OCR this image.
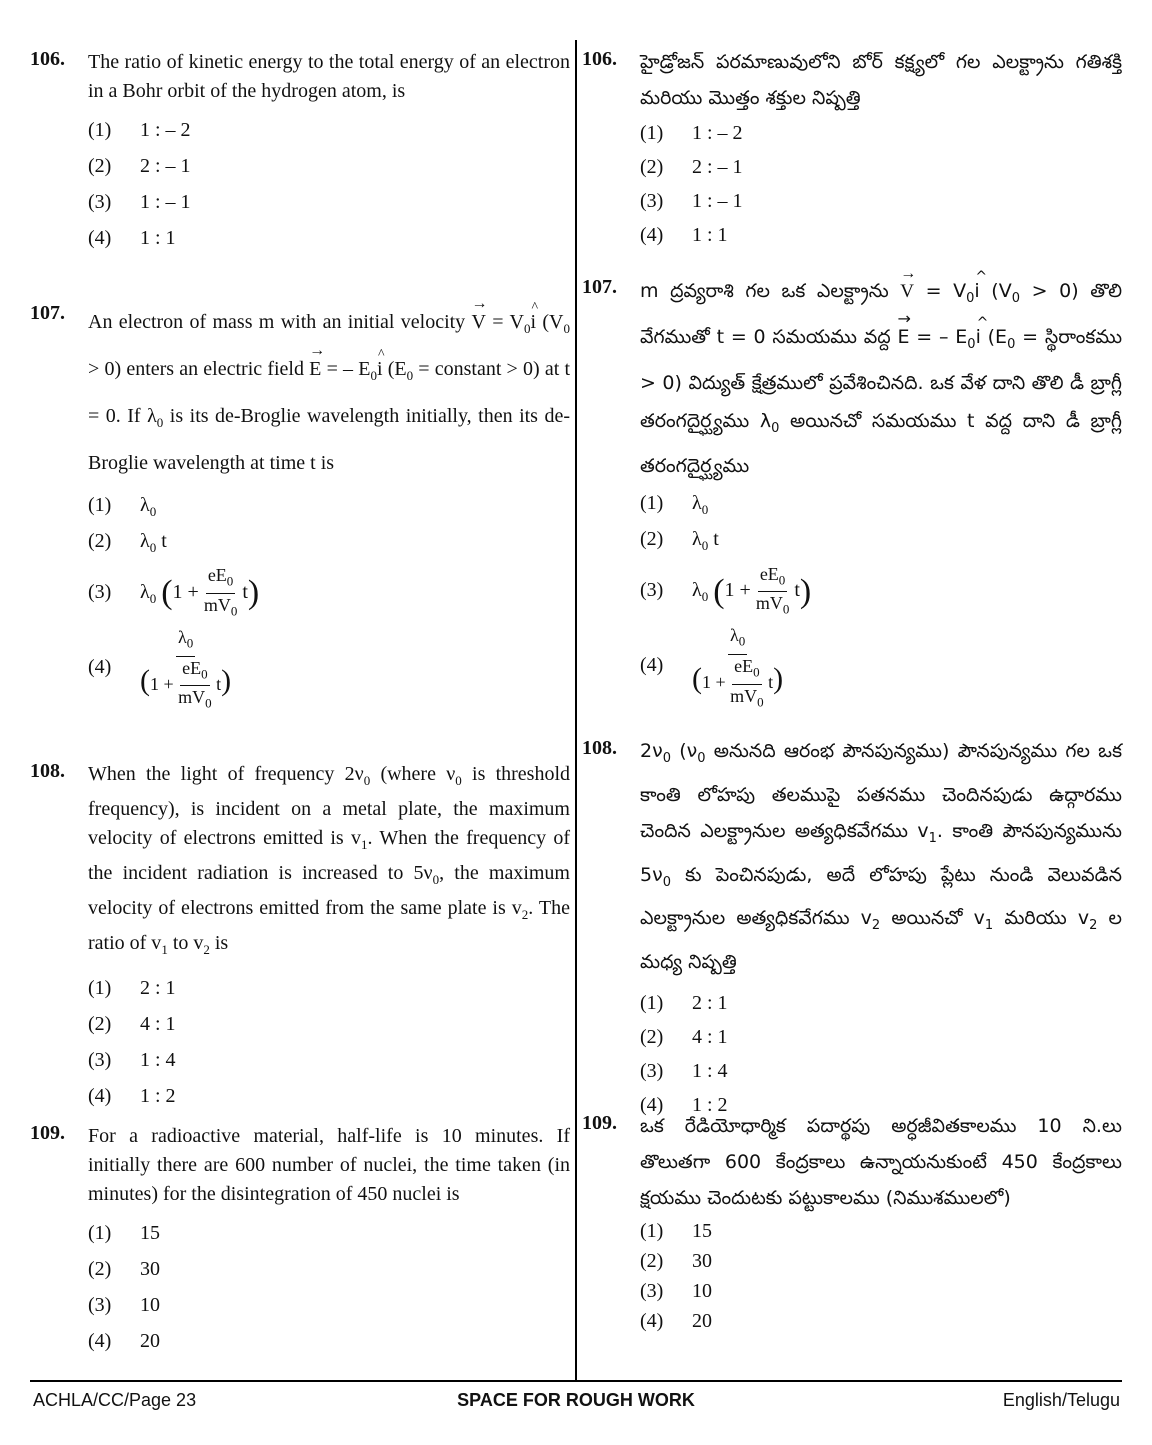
106. The ratio of kinetic energy to the total energy of an electron in a Bohr orbit of the hydrogen atom, is
(1) 1 : – 2
(2) 2 : – 1
(3) 1 : – 1
(4) 1 : 1
107. An electron of mass m with an initial velocity → $V = V_0\^{}$ i $(V_0 > 0)$ enters an electric field → E = – $E_0\^{}$ i ($E_0$ = constant > 0) at t = 0. If $\lambda_0$ is its de-Broglie wavelength initially, then its de-Broglie wavelength at time t is
(1) $\lambda_0$
(2) $\lambda_0$ t
(3) $\lambda_0$ $(1 + \frac{eE_0}{mV_0} t)$
$(4) \frac{\lambda_0}{(1 + \frac{eE_0}{mV_0} t)}$
108. When the light of frequency $2\nu_0$ (where $\nu_0$ is threshold frequency), is incident on a metal plate, the maximum velocity of electrons emitted is $v_1$. When the frequency of the incident radiation is increased to $5\nu_0$, the maximum velocity of electrons emitted from the same plate is $v_2$. The ratio of $v_1$ to $v_2$ is
(1) 2 : 1
(2) 4 : 1
(3) 1 : 4
(4) 1 : 2
109. For a radioactive material, half-life is 10 minutes. If initially there are 600 number of nuclei, the time taken (in minutes) for the disintegration of 450 nuclei is
(1) 15
(2) 30
(3) 10
(4) 20
106. హైడ్రోజన్ పరమాణువులోని బోర్ కక్ష్యలో గల ఎలక్ట్రాను గతిశక్తి మరియు మొత్తం శక్తుల నిష్పత్తి
(1) 1 : – 2
(2) 2 : – 1
(3) 1 : – 1
(4) 1 : 1
107. m ద్రవ్యరాశి గల ఒక ఎలక్ట్రాను → $V = V_0\^{}$ i $(V_0 > 0)$ తొలి వేగముతో t = 0 సమయము వద్ద → E = – $E_0\^{}$ i ($E_0$ = స్థిరాంకము > 0) విద్యుత్ క్షేత్రములో ప్రవేశించినది. ఒక వేళ దాని తొలి డీ బ్రాగ్లీ తరంగదైర్ఘ్యము $\lambda_0$ అయినచో సమయము t వద్ద దాని డీ బ్రాగ్లీ తరంగదైర్ఘ్యము
(1) $\lambda_0$
(2) $\lambda_0$ t
(3) $\lambda_0$ $(1 + \frac{eE_0}{mV_0} t)$
$(4) \frac{\lambda_0}{(1 + \frac{eE_0}{mV_0} t)}$
108. $2\nu_0$ ($\nu_0$ అనునది ఆరంభ పౌనపున్యము) పౌనపున్యము గల ఒక కాంతి లోహపు తలముపై పతనము చెందినపుడు ఉద్గారము చెందిన ఎలక్ట్రానుల అత్యధికవేగము $v_1$. కాంతి పౌనపున్యమును $5\nu_0$ కు పెంచినపుడు, అదే లోహపు ప్లేటు నుండి వెలువడిన ఎలక్ట్రానుల అత్యధికవేగము $v_2$ అయినచో $v_1$ మరియు $v_2$ ల మధ్య నిష్పత్తి
(1) 2 : 1
(2) 4 : 1
(3) 1 : 4
(4) 1 : 2
109. ఒక రేడియోధార్మిక పదార్థపు అర్ధజీవితకాలము 10 ని.లు తొలుతగా 600 కేంద్రకాలు ఉన్నాయనుకుంటే 450 కేంద్రకాలు క్షయము చెందుటకు పట్టుకాలము (నిముశములలో)
(1) 15
(2) 30
(3) 10
(4) 20
ACHLA/CC/Page 23	SPACE FOR ROUGH WORK	English/Telugu
